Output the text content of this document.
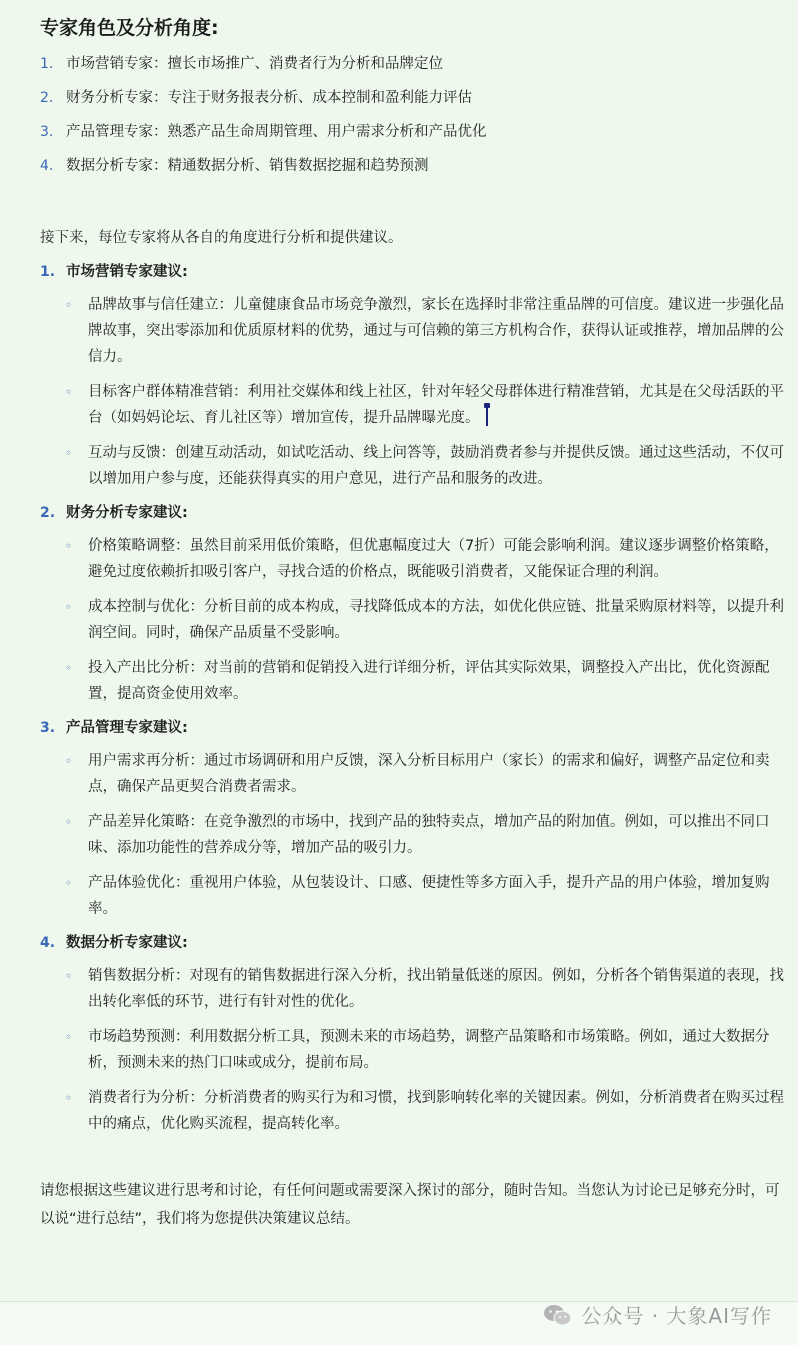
专家角色及分析角度:
1. 市场营销专家：擅长市场推广、消费者行为分析和品牌定位
2. 财务分析专家：专注于财务报表分析、成本控制和盈利能力评估
3. 产品管理专家：熟悉产品生命周期管理、用户需求分析和产品优化
4. 数据分析专家：精通数据分析、销售数据挖掘和趋势预测

接下来，每位专家将从各自的角度进行分析和提供建议。

1. 市场营销专家建议:
◦	品牌故事与信任建立：儿童健康食品市场竞争激烈，家长在选择时非常注重品牌的可信度。建议进一步强化品牌故事，突出零添加和优质原材料的优势，通过与可信赖的第三方机构合作，获得认证或推荐，增加品牌的公信力。
◦	目标客户群体精准营销：利用社交媒体和线上社区，针对年轻父母群体进行精准营销，尤其是在父母活跃的平台（如妈妈论坛、育儿社区等）增加宣传，提升品牌曝光度。
◦	互动与反馈：创建互动活动，如试吃活动、线上问答等，鼓励消费者参与并提供反馈。通过这些活动，不仅可以增加用户参与度，还能获得真实的用户意见，进行产品和服务的改进。
2. 财务分析专家建议:
◦	价格策略调整：虽然目前采用低价策略，但优惠幅度过大（7折）可能会影响利润。建议逐步调整价格策略，避免过度依赖折扣吸引客户，寻找合适的价格点，既能吸引消费者，又能保证合理的利润。
◦	成本控制与优化：分析目前的成本构成，寻找降低成本的方法，如优化供应链、批量采购原材料等，以提升利润空间。同时，确保产品质量不受影响。
◦	投入产出比分析：对当前的营销和促销投入进行详细分析，评估其实际效果，调整投入产出比，优化资源配置，提高资金使用效率。
3. 产品管理专家建议:
◦	用户需求再分析：通过市场调研和用户反馈，深入分析目标用户（家长）的需求和偏好，调整产品定位和卖点，确保产品更契合消费者需求。
◦	产品差异化策略：在竞争激烈的市场中，找到产品的独特卖点，增加产品的附加值。例如，可以推出不同口味、添加功能性的营养成分等，增加产品的吸引力。
◦	产品体验优化：重视用户体验，从包装设计、口感、便捷性等多方面入手，提升产品的用户体验，增加复购率。
4. 数据分析专家建议:
◦	销售数据分析：对现有的销售数据进行深入分析，找出销量低迷的原因。例如，分析各个销售渠道的表现，找出转化率低的环节，进行有针对性的优化。
◦	市场趋势预测：利用数据分析工具，预测未来的市场趋势，调整产品策略和市场策略。例如，通过大数据分析，预测未来的热门口味或成分，提前布局。
◦	消费者行为分析：分析消费者的购买行为和习惯，找到影响转化率的关键因素。例如，分析消费者在购买过程中的痛点，优化购买流程，提高转化率。

请您根据这些建议进行思考和讨论，有任何问题或需要深入探讨的部分，随时告知。当您认为讨论已足够充分时，可以说“进行总结”，我们将为您提供决策建议总结。

公众号 · 大象AI写作
